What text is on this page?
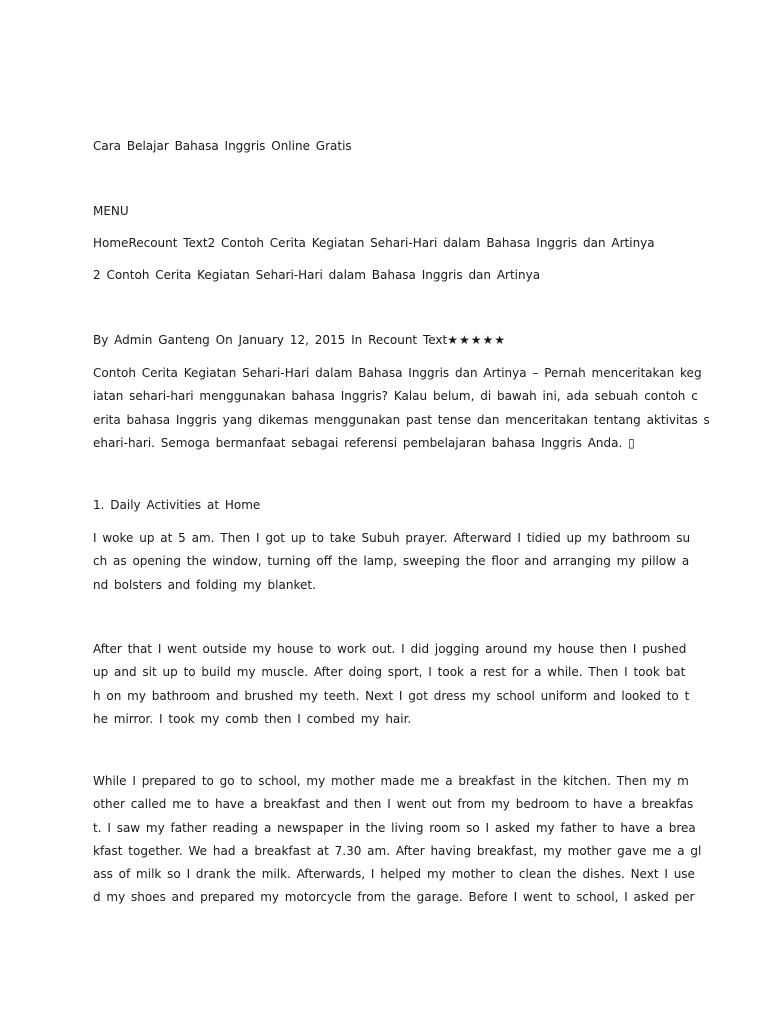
Cara Belajar Bahasa Inggris Online Gratis
MENU
HomeRecount Text2 Contoh Cerita Kegiatan Sehari-Hari dalam Bahasa Inggris dan Artinya
2 Contoh Cerita Kegiatan Sehari-Hari dalam Bahasa Inggris dan Artinya
By Admin Ganteng On January 12, 2015 In Recount Text★★★★★
Contoh Cerita Kegiatan Sehari-Hari dalam Bahasa Inggris dan Artinya – Pernah menceritakan keg
iatan sehari-hari menggunakan bahasa Inggris? Kalau belum, di bawah ini, ada sebuah contoh c
erita bahasa Inggris yang dikemas menggunakan past tense dan menceritakan tentang aktivitas s
ehari-hari. Semoga bermanfaat sebagai referensi pembelajaran bahasa Inggris Anda. ▯
1. Daily Activities at Home
I woke up at 5 am. Then I got up to take Subuh prayer. Afterward I tidied up my bathroom su
ch as opening the window, turning off the lamp, sweeping the floor and arranging my pillow a
nd bolsters and folding my blanket.
After that I went outside my house to work out. I did jogging around my house then I pushed
up and sit up to build my muscle. After doing sport, I took a rest for a while. Then I took bat
h on my bathroom and brushed my teeth. Next I got dress my school uniform and looked to t
he mirror. I took my comb then I combed my hair.
While I prepared to go to school, my mother made me a breakfast in the kitchen. Then my m
other called me to have a breakfast and then I went out from my bedroom to have a breakfas
t. I saw my father reading a newspaper in the living room so I asked my father to have a brea
kfast together. We had a breakfast at 7.30 am. After having breakfast, my mother gave me a gl
ass of milk so I drank the milk. Afterwards, I helped my mother to clean the dishes. Next I use
d my shoes and prepared my motorcycle from the garage. Before I went to school, I asked per
